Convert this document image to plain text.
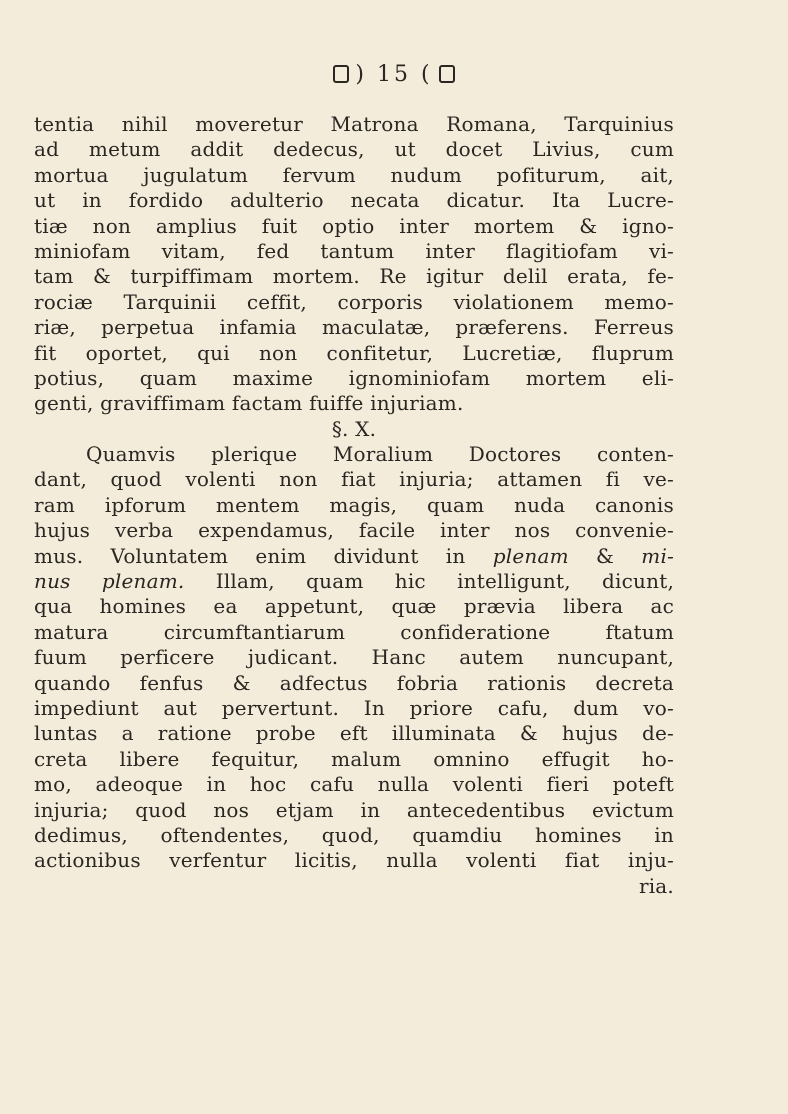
) 15 (
tentia nihil moveretur Matrona Romana, Tarquinius
ad metum addit dedecus, ut docet Livius, cum
mortua jugulatum fervum nudum pofiturum, ait,
ut in fordido adulterio necata dicatur. Ita Lucre-
tiæ non amplius fuit optio inter mortem & igno-
miniofam vitam, fed tantum inter flagitiofam vi-
tam & turpiffimam mortem. Re igitur delil erata, fe-
rociæ Tarquinii ceffit, corporis violationem memo-
riæ, perpetua infamia maculatæ, præferens. Ferreus
fit oportet, qui non confitetur, Lucretiæ, fluprum
potius, quam maxime ignominiofam mortem eli-
genti, graviffimam factam fuiffe injuriam.
§. X.
Quamvis plerique Moralium Doctores conten-
dant, quod volenti non fiat injuria; attamen fi ve-
ram ipforum mentem magis, quam nuda canonis
hujus verba expendamus, facile inter nos convenie-
mus. Voluntatem enim dividunt in plenam & mi-
nus plenam. Illam, quam hic intelligunt, dicunt,
qua homines ea appetunt, quæ prævia libera ac
matura circumftantiarum confideratione ftatum
fuum perficere judicant. Hanc autem nuncupant,
quando fenfus & adfectus fobria rationis decreta
impediunt aut pervertunt. In priore cafu, dum vo-
luntas a ratione probe eft illuminata & hujus de-
creta libere fequitur, malum omnino effugit ho-
mo, adeoque in hoc cafu nulla volenti fieri poteft
injuria; quod nos etjam in antecedentibus evictum
dedimus, oftendentes, quod, quamdiu homines in
actionibus verfentur licitis, nulla volenti fiat inju-
ria.
